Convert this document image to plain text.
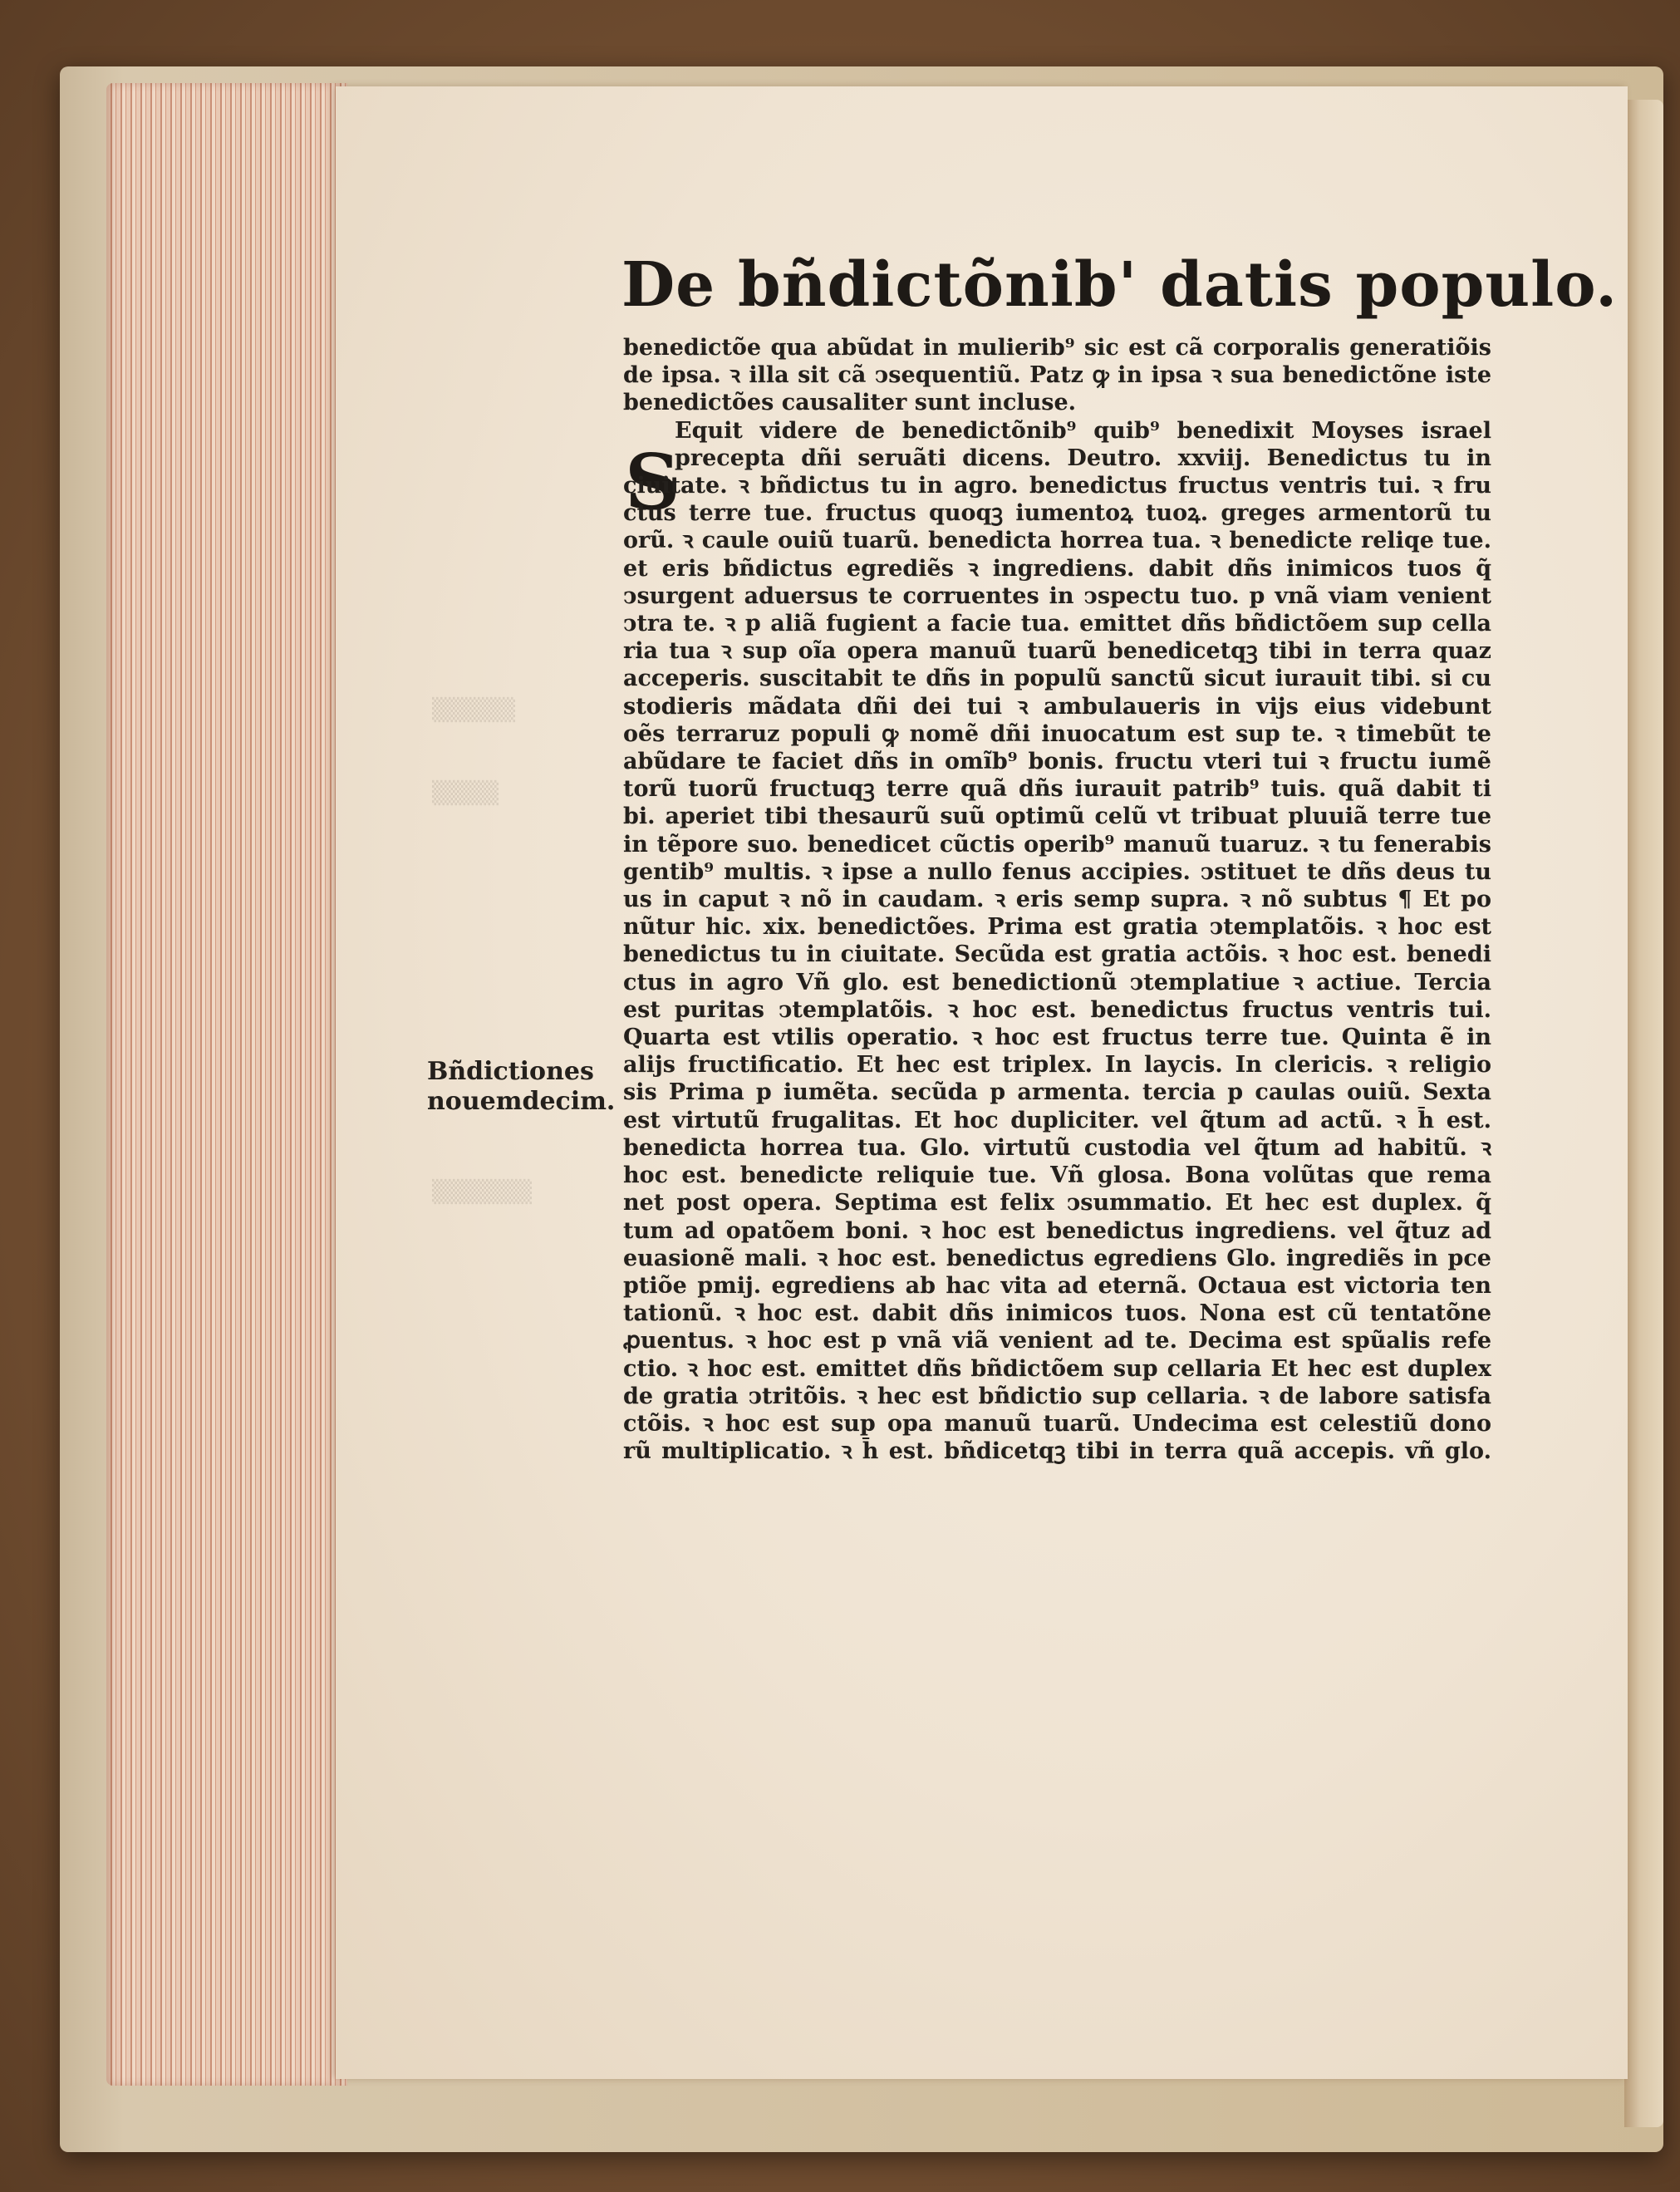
▒▒▒▒▒
▒▒▒▒
▒▒▒▒▒▒
De bñdictõnib' datis populo.
S
Bñdictiones
nouemdecim.
benedictõe qua abũdat in mulierib⁹ sic est cã corporalis generatiõis
de ipsa. ꝛ illa sit cã ↄsequentiũ. Patz ꝙ in ipsa ꝛ sua benedictõne iste
benedictões causaliter sunt incluse.
Equit videre de benedictõnib⁹ quib⁹ benedixit Moyses israel
precepta dñi seruãti dicens. Deutro. xxviij. Benedictus tu in
ciuitate. ꝛ bñdictus tu in agro. benedictus fructus ventris tui. ꝛ fru
ctus terre tue. fructus quoqꝫ iumentoꝝ tuoꝝ. greges armentorũ tu
orũ. ꝛ caule ouiũ tuarũ. benedicta horrea tua. ꝛ benedicte reliqe tue.
et eris bñdictus egrediẽs ꝛ ingrediens. dabit dñs inimicos tuos q̃
ↄsurgent aduersus te corruentes in ↄspectu tuo. p vnã viam venient
ↄtra te. ꝛ p aliã fugient a facie tua. emittet dñs bñdictõem sup cella
ria tua ꝛ sup oĩa opera manuũ tuarũ benedicetqꝫ tibi in terra quaz
acceperis. suscitabit te dñs in populũ sanctũ sicut iurauit tibi. si cu
stodieris mãdata dñi dei tui ꝛ ambulaueris in vijs eius videbunt
oẽs terraruz populi ꝙ nomẽ dñi inuocatum est sup te. ꝛ timebũt te
abũdare te faciet dñs in omĩb⁹ bonis. fructu vteri tui ꝛ fructu iumẽ
torũ tuorũ fructuqꝫ terre quã dñs iurauit patrib⁹ tuis. quã dabit ti
bi. aperiet tibi thesaurũ suũ optimũ celũ vt tribuat pluuiã terre tue
in tẽpore suo. benedicet cũctis operib⁹ manuũ tuaruz. ꝛ tu fenerabis
gentib⁹ multis. ꝛ ipse a nullo fenus accipies. ↄstituet te dñs deus tu
us in caput ꝛ nõ in caudam. ꝛ eris semp supra. ꝛ nõ subtus ¶ Et po
nũtur hic. xix. benedictões. Prima est gratia ↄtemplatõis. ꝛ hoc est
benedictus tu in ciuitate. Secũda est gratia actõis. ꝛ hoc est. benedi
ctus in agro Vñ glo. est benedictionũ ↄtemplatiue ꝛ actiue. Tercia
est puritas ↄtemplatõis. ꝛ hoc est. benedictus fructus ventris tui.
Quarta est vtilis operatio. ꝛ hoc est fructus terre tue. Quinta ẽ in
alijs fructificatio. Et hec est triplex. In laycis. In clericis. ꝛ religio
sis Prima p iumẽta. secũda p armenta. tercia p caulas ouiũ. Sexta
est virtutũ frugalitas. Et hoc dupliciter. vel q̃tum ad actũ. ꝛ h̄ est.
benedicta horrea tua. Glo. virtutũ custodia vel q̃tum ad habitũ. ꝛ
hoc est. benedicte reliquie tue. Vñ glosa. Bona volũtas que rema
net post opera. Septima est felix ↄsummatio. Et hec est duplex. q̃
tum ad opatõem boni. ꝛ hoc est benedictus ingrediens. vel q̃tuz ad
euasionẽ mali. ꝛ hoc est. benedictus egrediens Glo. ingrediẽs in pce
ptiõe pmij. egrediens ab hac vita ad eternã. Octaua est victoria ten
tationũ. ꝛ hoc est. dabit dñs inimicos tuos. Nona est cũ tentatõne
ꝓuentus. ꝛ hoc est p vnã viã venient ad te. Decima est spũalis refe
ctio. ꝛ hoc est. emittet dñs bñdictõem sup cellaria Et hec est duplex
de gratia ↄtritõis. ꝛ hec est bñdictio sup cellaria. ꝛ de labore satisfa
ctõis. ꝛ hoc est sup opa manuũ tuarũ. Undecima est celestiũ dono
rũ multiplicatio. ꝛ h̄ est. bñdicetqꝫ tibi in terra quã accepis. vñ glo.
